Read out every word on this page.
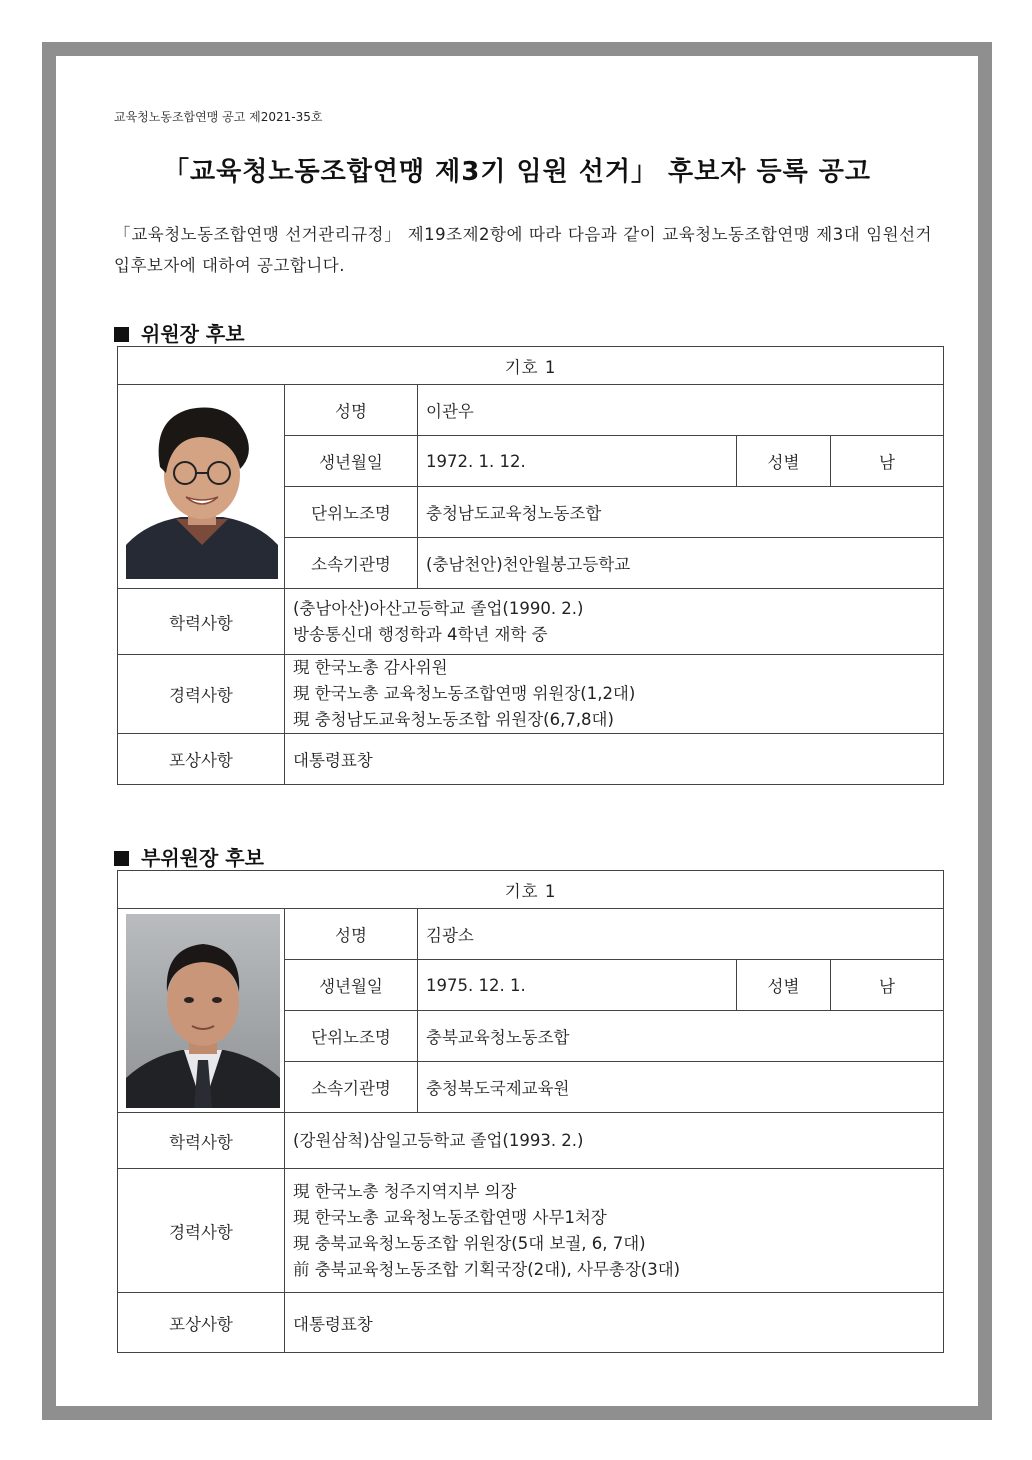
교육청노동조합연맹 공고 제2021-35호
「교육청노동조합연맹 제3기 임원 선거」 후보자 등록 공고
「교육청노동조합연맹 선거관리규정」 제19조제2항에 따라 다음과 같이 교육청노동조합연맹 제3대 임원선거 입후보자에 대하여 공고합니다.
위원장 후보
기호 1				

	성명	이관우		
	생년월일	1972. 1. 12.	성별	남
	단위노조명	충청남도교육청노동조합		
	소속기관명	(충남천안)천안월봉고등학교		
학력사항	(충남아산)아산고등학교 졸업(1990. 2.)
방송통신대 행정학과 4학년 재학 중			

경력사항	現 한국노총 감사위원
現 한국노총 교육청노동조합연맹 위원장(1,2대)
現 충청남도교육청노동조합 위원장(6,7,8대)			

포상사항	대통령표창			
부위원장 후보
기호 1				

	성명	김광소		
	생년월일	1975. 12. 1.	성별	남
	단위노조명	충북교육청노동조합		
	소속기관명	충청북도국제교육원		
학력사항	(강원삼척)삼일고등학교 졸업(1993. 2.)			

경력사항	現 한국노총 청주지역지부 의장
現 한국노총 교육청노동조합연맹 사무1처장
現 충북교육청노동조합 위원장(5대 보궐, 6, 7대)
前 충북교육청노동조합 기획국장(2대), 사무총장(3대)			

포상사항	대통령표창			
